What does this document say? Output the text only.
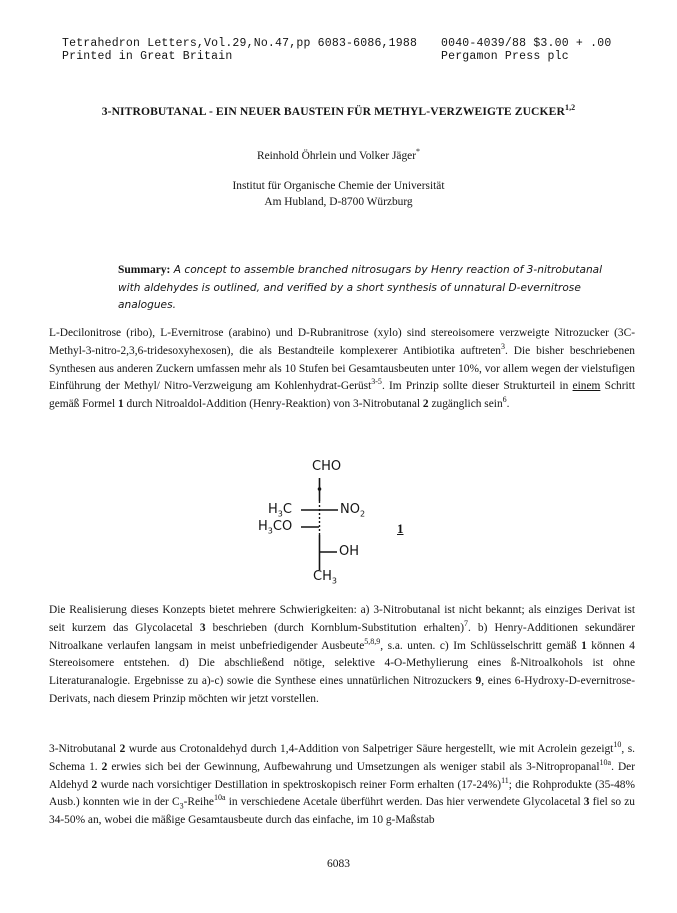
Tetrahedron Letters,Vol.29,No.47,pp 6083-6086,1988
Printed in Great Britain
0040-4039/88 $3.00 + .00
Pergamon Press plc
3-NITROBUTANAL - EIN NEUER BAUSTEIN FÜR METHYL-VERZWEIGTE ZUCKER$^{1,2}$
Reinhold Öhrlein und Volker Jäger*
Institut für Organische Chemie der Universität
Am Hubland, D-8700 Würzburg
Summary: A concept to assemble branched nitrosugars by Henry reaction of 3-nitrobutanal with aldehydes is outlined, and verified by a short synthesis of unnatural D-evernitrose analogues.
L-Decilonitrose (ribo), L-Evernitrose (arabino) und D-Rubranitrose (xylo) sind stereoisomere verzweigte Nitrozucker (3C-Methyl-3-nitro-2,3,6-tridesoxyhexosen), die als Bestandteile komplexerer Antibiotika auftreten$^3$. Die bisher beschriebenen Synthesen aus anderen Zuckern umfassen mehr als 10 Stufen bei Gesamtausbeuten unter 10%, vor allem wegen der vielstufigen Einführung der Methyl/ Nitro-Verzweigung am Kohlenhydrat-Gerüst$^{3-5}$. Im Prinzip sollte dieser Strukturteil in einem Schritt gemäß Formel 1 durch Nitroaldol-Addition (Henry-Reaktion) von 3-Nitrobutanal 2 zugänglich sein$^6$.
CHO
$H_3C$	$NO_2$
$H_3CO$
OH
$CH_3$
1
Die Realisierung dieses Konzepts bietet mehrere Schwierigkeiten: a) 3-Nitrobutanal ist nicht bekannt; als einziges Derivat ist seit kurzem das Glycolacetal 3 beschrieben (durch Kornblum-Substitution erhalten)$^7$. b) Henry-Additionen sekundärer Nitroalkane verlaufen langsam in meist unbefriedigender Ausbeute$^{5,8,9}$, s.a. unten. c) Im Schlüsselschritt gemäß 1 können 4 Stereoisomere entstehen. d) Die abschließend nötige, selektive 4-O-Methylierung eines ß-Nitroalkohols ist ohne Literaturanalogie. Ergebnisse zu a)-c) sowie die Synthese eines unnatürlichen Nitrozuckers 9, eines 6-Hydroxy-D-evernitrose-Derivats, nach diesem Prinzip möchten wir jetzt vorstellen.
3-Nitrobutanal 2 wurde aus Crotonaldehyd durch 1,4-Addition von Salpetriger Säure hergestellt, wie mit Acrolein gezeigt$^{10}$, s. Schema 1. 2 erwies sich bei der Gewinnung, Aufbewahrung und Umsetzungen als weniger stabil als 3-Nitropropanal$^{10a}$. Der Aldehyd 2 wurde nach vorsichtiger Destillation in spektroskopisch reiner Form erhalten $(17-24\%)^{11}$; die Rohprodukte (35-48% Ausb.) konnten wie in der $C_3-Reihe^{10a}$ in verschiedene Acetale überführt werden. Das hier verwendete Glycolacetal 3 fiel so zu 34-50% an, wobei die mäßige Gesamtausbeute durch das einfache, im 10 g-Maßstab
6083
